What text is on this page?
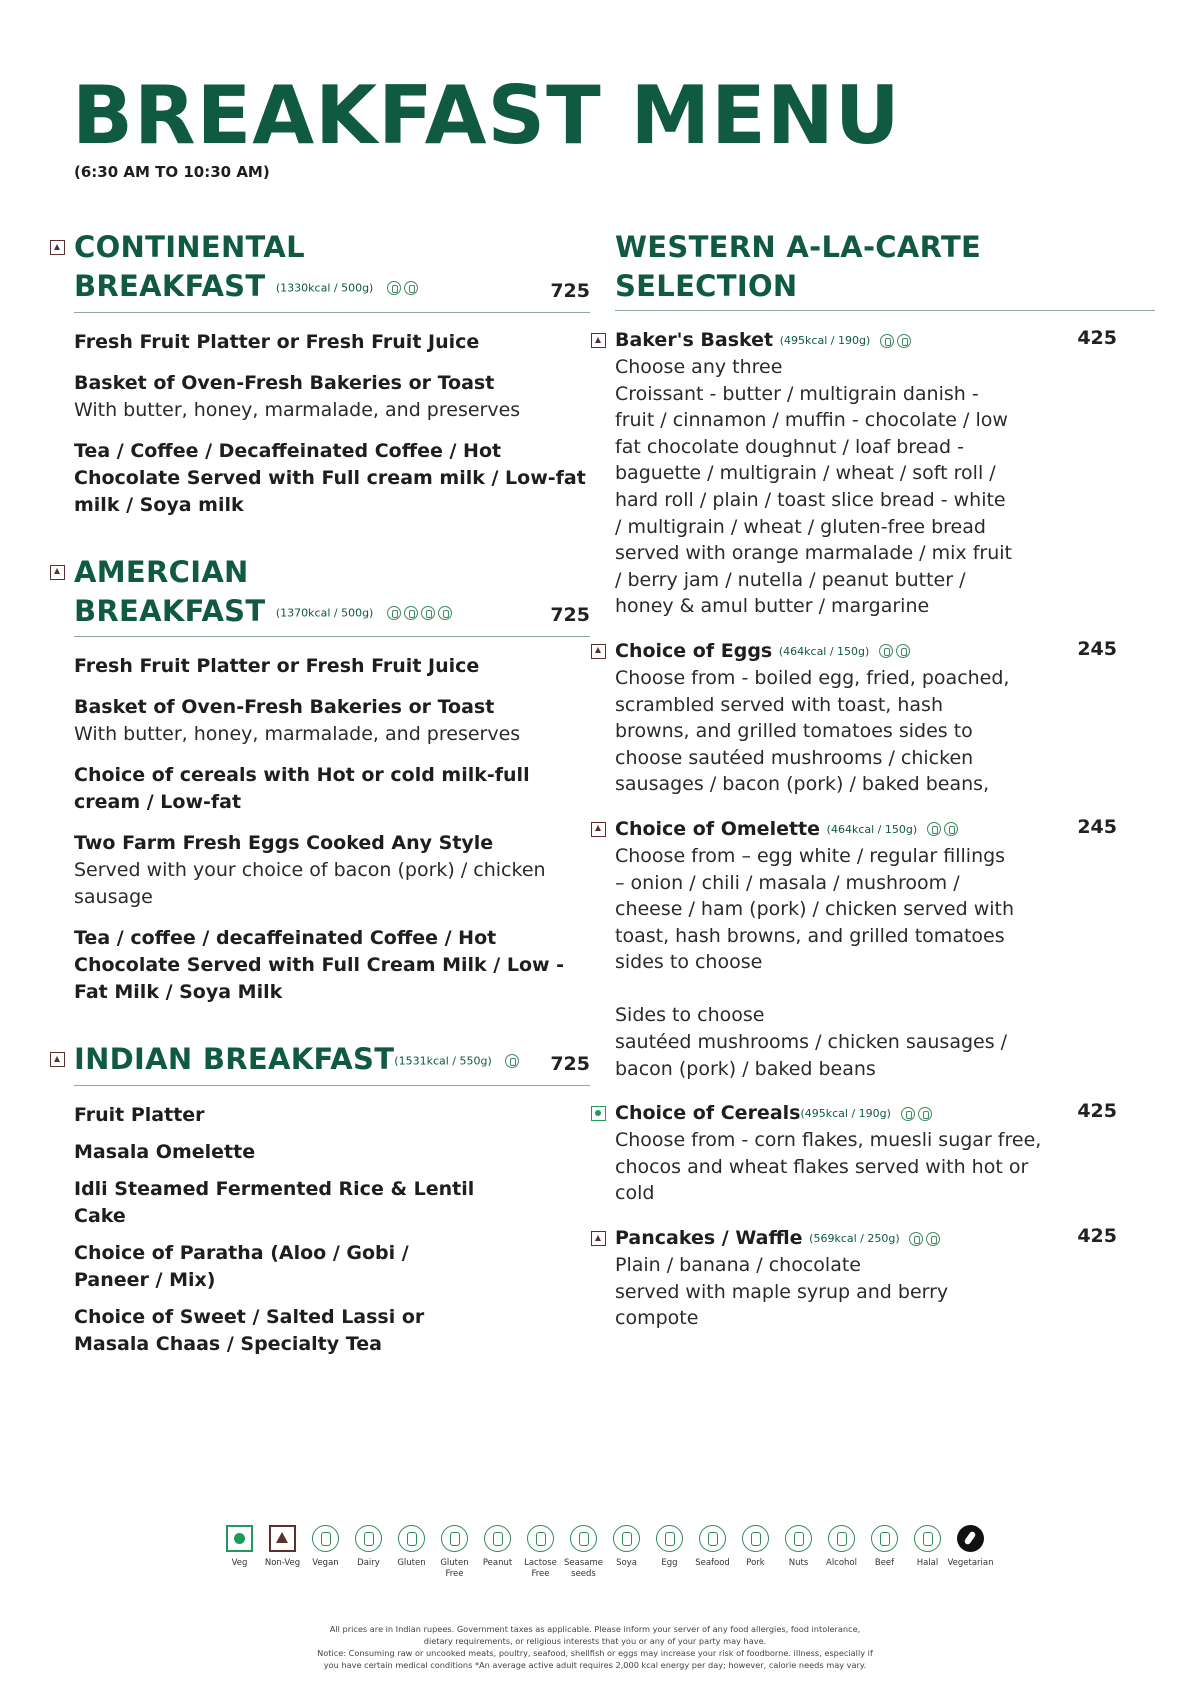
BREAKFAST MENU
(6:30 AM TO 10:30 AM)
CONTINENTAL
BREAKFAST (1330kcal / 500g)	725
Fresh Fruit Platter or Fresh Fruit Juice
Basket of Oven-Fresh Bakeries or Toast
With butter, honey, marmalade, and preserves
Tea / Coffee / Decaffeinated Coffee / Hot Chocolate Served with Full cream milk / Low-fat milk / Soya milk
AMERCIAN
BREAKFAST (1370kcal / 500g)	725
Fresh Fruit Platter or Fresh Fruit Juice
Basket of Oven-Fresh Bakeries or Toast
With butter, honey, marmalade, and preserves
Choice of cereals with Hot or cold milk-full cream / Low-fat
Two Farm Fresh Eggs Cooked Any Style
Served with your choice of bacon (pork) / chicken sausage
Tea / coffee / decaffeinated Coffee / Hot Chocolate Served with Full Cream Milk / Low - Fat Milk / Soya Milk
INDIAN BREAKFAST(1531kcal / 550g)	725
Fruit Platter
Masala Omelette
Idli Steamed Fermented Rice & Lentil Cake
Choice of Paratha (Aloo / Gobi / Paneer / Mix)
Choice of Sweet / Salted Lassi or Masala Chaas / Specialty Tea
WESTERN A-LA-CARTE
SELECTION
Baker's Basket (495kcal / 190g)	425
Choose any three
Croissant - butter / multigrain danish - fruit / cinnamon / muffin - chocolate / low fat chocolate doughnut / loaf bread - baguette / multigrain / wheat / soft roll / hard roll / plain / toast slice bread - white / multigrain / wheat / gluten-free bread served with orange marmalade / mix fruit / berry jam / nutella / peanut butter / honey & amul butter / margarine
Choice of Eggs (464kcal / 150g)	245
Choose from - boiled egg, fried, poached, scrambled served with toast, hash browns, and grilled tomatoes sides to choose sautéed mushrooms / chicken sausages / bacon (pork) / baked beans,
Choice of Omelette (464kcal / 150g)	245
Choose from – egg white / regular fillings – onion / chili / masala / mushroom / cheese / ham (pork) / chicken served with toast, hash browns, and grilled tomatoes sides to choose

Sides to choose
sautéed mushrooms / chicken sausages / bacon (pork) / baked beans
Choice of Cereals(495kcal / 190g)	425
Choose from - corn flakes, muesli sugar free, chocos and wheat flakes served with hot or cold
Pancakes / Waffle (569kcal / 250g)	425
Plain / banana / chocolate
served with maple syrup and berry compote
Veg	Non-Veg	Vegan	Dairy	Gluten	Gluten
Free
Peanut	Lactose
Free
Seasame
seeds
Soya	Egg	Seafood	Pork	Nuts	Alcohol	Beef	Halal	Vegetarian
All prices are in Indian rupees. Government taxes as applicable. Please inform your server of any food allergies, food intolerance,
dietary requirements, or religious interests that you or any of your party may have.
Notice: Consuming raw or uncooked meats, poultry, seafood, shellfish or eggs may increase your risk of foodborne. illness, especially if
you have certain medical conditions *An average active adult requires 2,000 kcal energy per day; however, calorie needs may vary.
